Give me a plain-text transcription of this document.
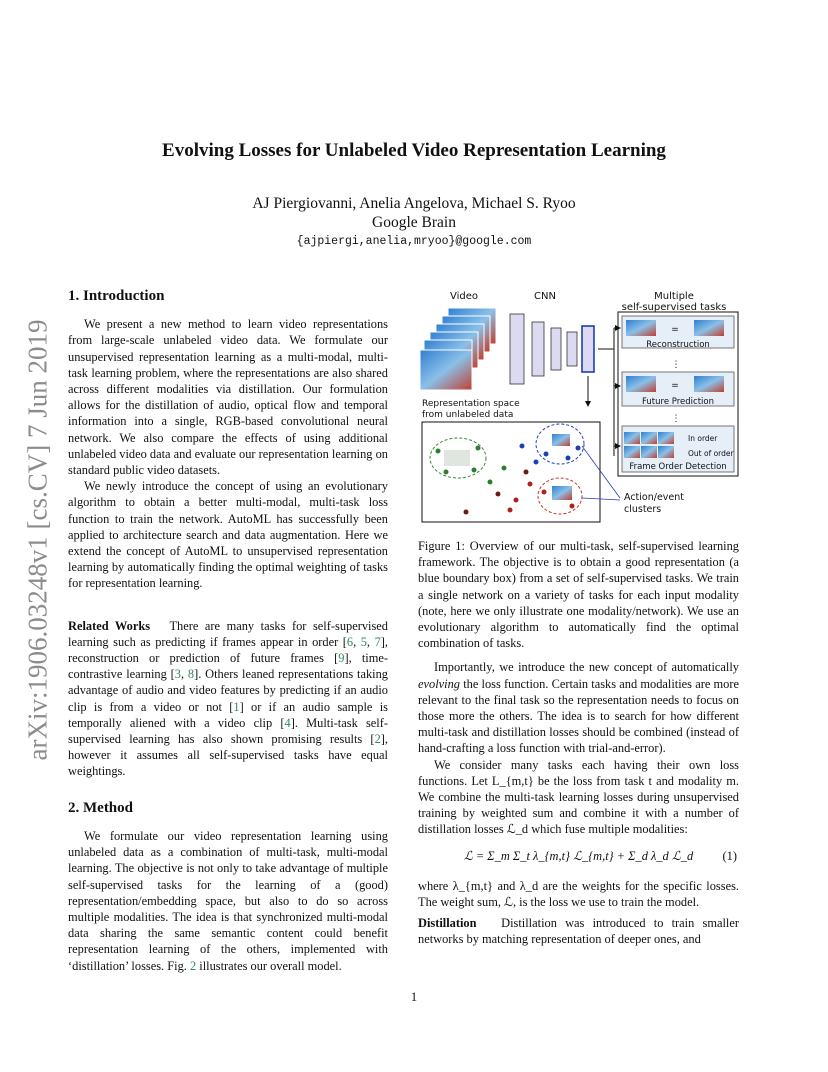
arXiv:1906.03248v1 [cs.CV] 7 Jun 2019
Evolving Losses for Unlabeled Video Representation Learning
AJ Piergiovanni, Anelia Angelova, Michael S. Ryoo
Google Brain
{ajpiergi,anelia,mryoo}@google.com
1. Introduction

We present a new method to learn video representations from large-scale unlabeled video data. We formulate our unsupervised representation learning as a multi-modal, multi-task learning problem, where the representations are also shared across different modalities via distillation. Our formulation allows for the distillation of audio, optical flow and temporal information into a single, RGB-based convolutional neural network. We also compare the effects of using additional unlabeled video data and evaluate our representation learning on standard public video datasets.

We newly introduce the concept of using an evolutionary algorithm to obtain a better multi-modal, multi-task loss function to train the network. AutoML has successfully been applied to architecture search and data augmentation. Here we extend the concept of AutoML to unsupervised representation learning by automatically finding the optimal weighting of tasks for representation learning.

Related Works There are many tasks for self-supervised learning such as predicting if frames appear in order [6, 5, 7], reconstruction or prediction of future frames [9], time-contrastive learning [3, 8]. Others leaned representations taking advantage of audio and video features by predicting if an audio clip is from a video or not [1] or if an audio sample is temporally aliened with a video clip [4]. Multi-task self-supervised learning has also shown promising results [2], however it assumes all self-supervised tasks have equal weightings.

2. Method

We formulate our video representation learning using unlabeled data as a combination of multi-task, multi-modal learning. The objective is not only to take advantage of multiple self-supervised tasks for the learning of a (good) representation/embedding space, but also to do so across multiple modalities. The idea is that synchronized multi-modal data sharing the same semantic content could benefit representation learning of the others, implemented with ‘distillation’ losses. Fig. 2 illustrates our overall model.

Video	CNN	Multiple
self-supervised tasks
=
Reconstruction
⋮
=
Future Prediction
⋮
In order
Out of order
Frame Order Detection
Representation space
from unlabeled data
Action/event
clusters

Figure 1: Overview of our multi-task, self-supervised learning framework. The objective is to obtain a good representation (a blue boundary box) from a set of self-supervised tasks. We train a single network on a variety of tasks for each input modality (note, here we only illustrate one modality/network). We use an evolutionary algorithm to automatically find the optimal combination of tasks.

Importantly, we introduce the new concept of automatically evolving the loss function. Certain tasks and modalities are more relevant to the final task so the representation needs to focus on those more the others. The idea is to search for how different multi-task and distillation losses should be combined (instead of hand-crafting a loss function with trial-and-error).

We consider many tasks each having their own loss functions. Let L_{m,t} be the loss from task t and modality m. We combine the multi-task learning losses during unsupervised training by weighted sum and combine it with a number of distillation losses ℒ_d which fuse multiple modalities:

ℒ = Σ_m Σ_t λ_{m,t} ℒ_{m,t} + Σ_d λ_d ℒ_d (1)

where λ_{m,t} and λ_d are the weights for the specific losses. The weight sum, ℒ, is the loss we use to train the model.

Distillation Distillation was introduced to train smaller networks by matching representation of deeper ones, and

1
